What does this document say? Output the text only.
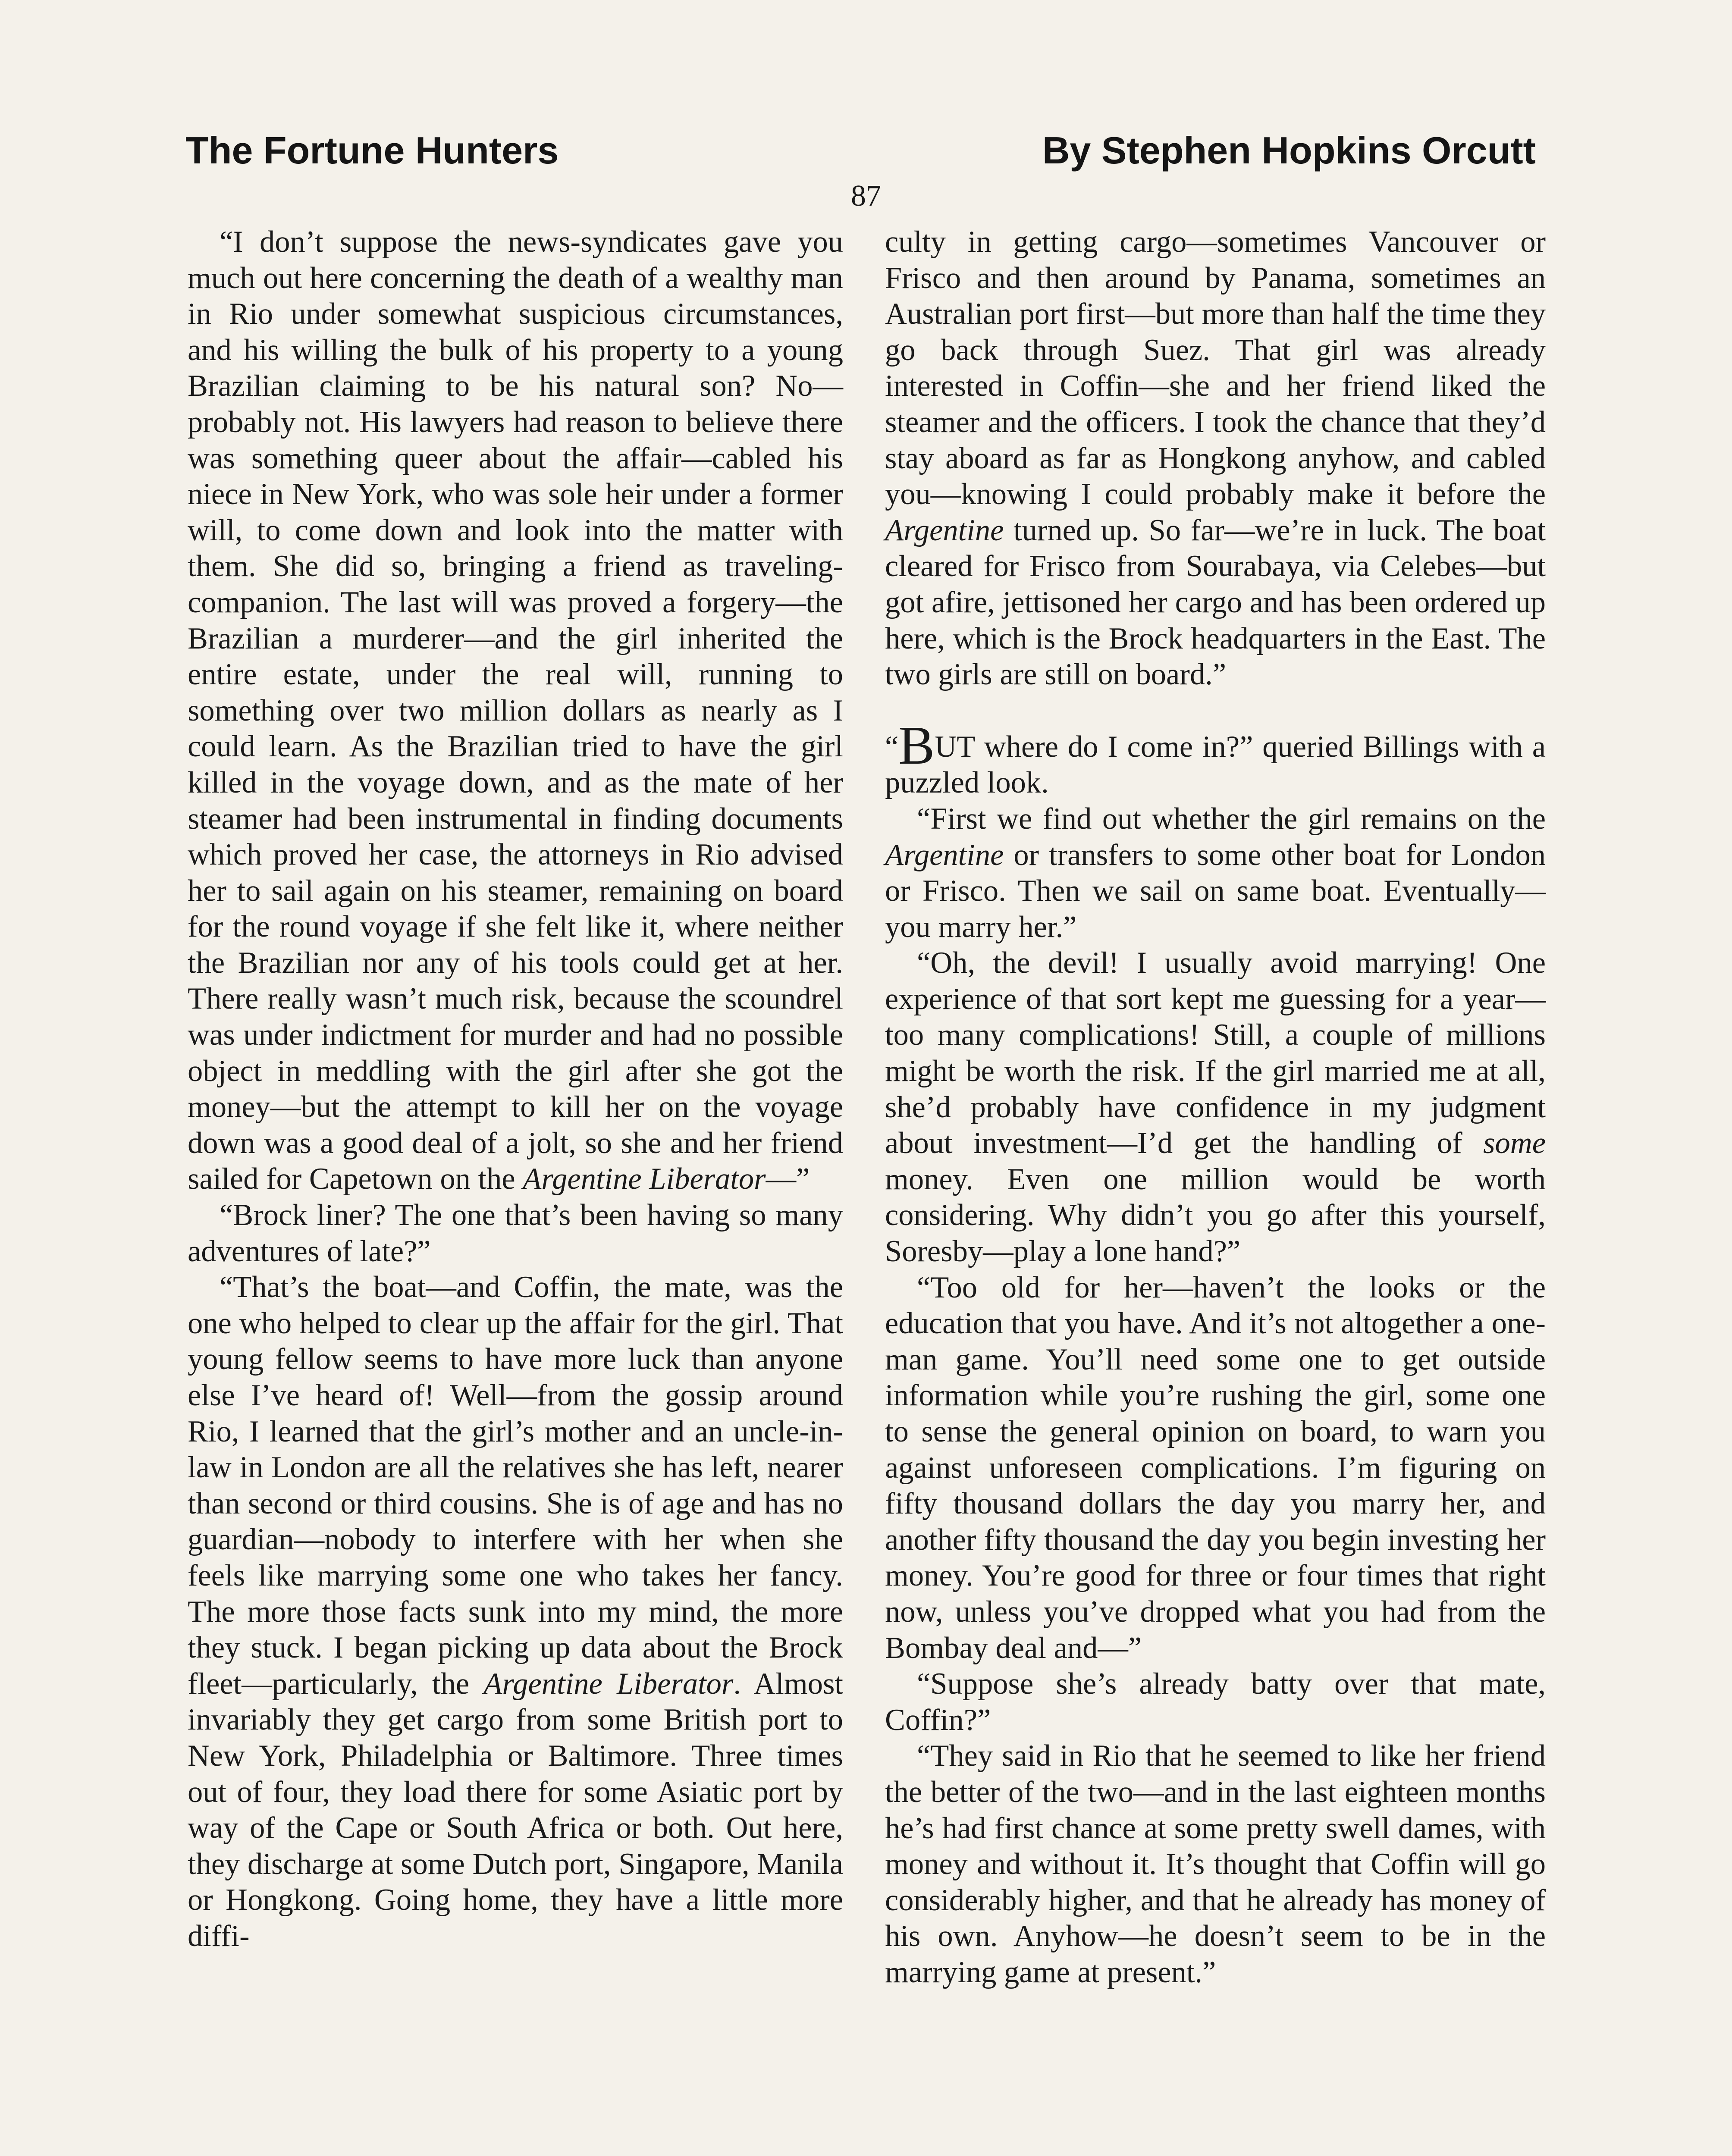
The Fortune Hunters	By Stephen Hopkins Orcutt
87

“I don’t suppose the news-syndicates gave you much out here concerning the death of a wealthy man in Rio under somewhat suspicious circumstances, and his willing the bulk of his property to a young Brazilian claiming to be his natural son? No—probably not. His lawyers had reason to believe there was something queer about the affair—cabled his niece in New York, who was sole heir under a former will, to come down and look into the matter with them. She did so, bringing a friend as traveling-companion. The last will was proved a forgery—the Brazilian a murderer—and the girl inherited the entire estate, under the real will, running to something over two million dollars as nearly as I could learn. As the Brazilian tried to have the girl killed in the voyage down, and as the mate of her steamer had been instrumental in finding documents which proved her case, the attorneys in Rio advised her to sail again on his steamer, remaining on board for the round voyage if she felt like it, where neither the Brazilian nor any of his tools could get at her. There really wasn’t much risk, because the scoundrel was under indictment for murder and had no possible object in meddling with the girl after she got the money—but the attempt to kill her on the voyage down was a good deal of a jolt, so she and her friend sailed for Capetown on the Argentine Liberator—”

“Brock liner? The one that’s been having so many adventures of late?”

“That’s the boat—and Coffin, the mate, was the one who helped to clear up the affair for the girl. That young fellow seems to have more luck than anyone else I’ve heard of! Well—from the gossip around Rio, I learned that the girl’s mother and an uncle-in-law in London are all the relatives she has left, nearer than second or third cousins. She is of age and has no guardian—nobody to interfere with her when she feels like marrying some one who takes her fancy. The more those facts sunk into my mind, the more they stuck. I began picking up data about the Brock fleet—particularly, the Argentine Liberator. Almost invariably they get cargo from some British port to New York, Philadelphia or Baltimore. Three times out of four, they load there for some Asiatic port by way of the Cape or South Africa or both. Out here, they discharge at some Dutch port, Singapore, Manila or Hongkong. Going home, they have a little more diffi-

culty in getting cargo—sometimes Vancouver or Frisco and then around by Panama, sometimes an Australian port first—but more than half the time they go back through Suez. That girl was already interested in Coffin—she and her friend liked the steamer and the officers. I took the chance that they’d stay aboard as far as Hongkong anyhow, and cabled you—knowing I could probably make it before the Argentine turned up. So far—we’re in luck. The boat cleared for Frisco from Sourabaya, via Celebes—but got afire, jettisoned her cargo and has been ordered up here, which is the Brock headquarters in the East. The two girls are still on board.”

“BUT where do I come in?” queried Billings with a puzzled look.

“First we find out whether the girl remains on the Argentine or transfers to some other boat for London or Frisco. Then we sail on same boat. Eventually—you marry her.”

“Oh, the devil! I usually avoid marrying! One experience of that sort kept me guessing for a year—too many complications! Still, a couple of millions might be worth the risk. If the girl married me at all, she’d probably have confidence in my judgment about investment—I’d get the handling of some money. Even one million would be worth considering. Why didn’t you go after this yourself, Soresby—play a lone hand?”

“Too old for her—haven’t the looks or the education that you have. And it’s not altogether a one-man game. You’ll need some one to get outside information while you’re rushing the girl, some one to sense the general opinion on board, to warn you against unforeseen complications. I’m figuring on fifty thousand dollars the day you marry her, and another fifty thousand the day you begin investing her money. You’re good for three or four times that right now, unless you’ve dropped what you had from the Bombay deal and—”

“Suppose she’s already batty over that mate, Coffin?”

“They said in Rio that he seemed to like her friend the better of the two—and in the last eighteen months he’s had first chance at some pretty swell dames, with money and without it. It’s thought that Coffin will go considerably higher, and that he already has money of his own. Anyhow—he doesn’t seem to be in the marrying game at present.”
